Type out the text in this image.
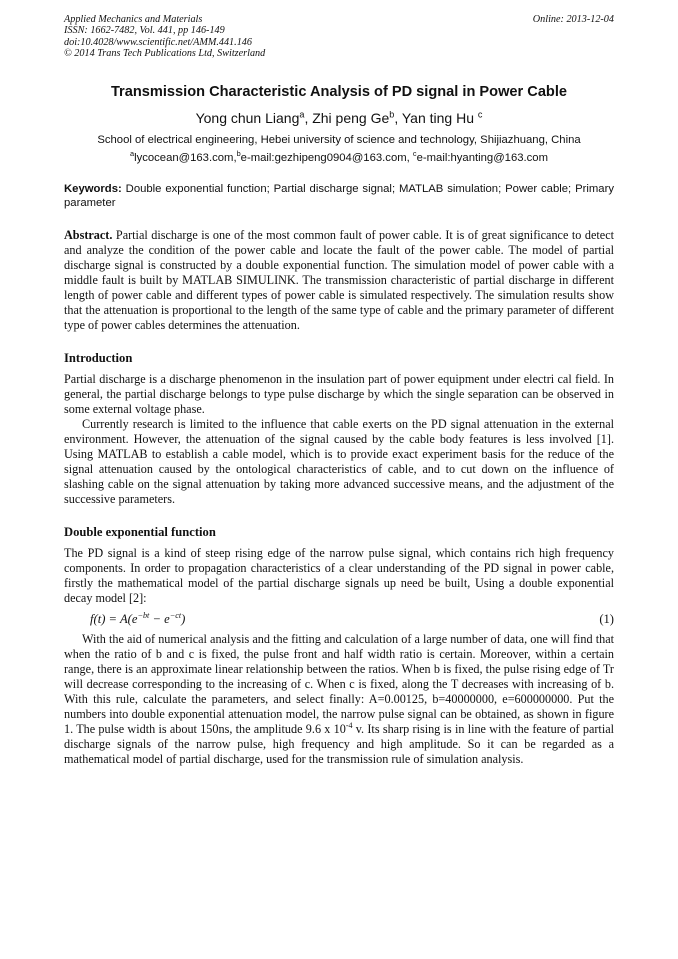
Applied Mechanics and Materials
ISSN: 1662-7482, Vol. 441, pp 146-149
doi:10.4028/www.scientific.net/AMM.441.146
© 2014 Trans Tech Publications Ltd, Switzerland
Online: 2013-12-04
Transmission Characteristic Analysis of PD signal in Power Cable
Yong chun Liang$^a$, Zhi peng Ge$^b$, Yan ting Hu $^c$
School of electrical engineering, Hebei university of science and technology, Shijiazhuang, China
$^a$lycocean@163.com,$^b$e-mail:gezhipeng0904@163.com, $^c$e-mail:hyanting@163.com
Keywords: Double exponential function; Partial discharge signal; MATLAB simulation; Power cable; Primary parameter
Abstract. Partial discharge is one of the most common fault of power cable. It is of great significance to detect and analyze the condition of the power cable and locate the fault of the power cable. The model of partial discharge signal is constructed by a double exponential function. The simulation model of power cable with a middle fault is built by MATLAB SIMULINK. The transmission characteristic of partial discharge in different length of power cable and different types of power cable is simulated respectively. The simulation results show that the attenuation is proportional to the length of the same type of cable and the primary parameter of different type of power cables determines the attenuation.
Introduction
Partial discharge is a discharge phenomenon in the insulation part of power equipment under electri cal field. In general, the partial discharge belongs to type pulse discharge by which the single separation can be observed in some external voltage phase.
Currently research is limited to the influence that cable exerts on the PD signal attenuation in the external environment. However, the attenuation of the signal caused by the cable body features is less involved [1]. Using MATLAB to establish a cable model, which is to provide exact experiment basis for the reduce of the signal attenuation caused by the ontological characteristics of cable, and to cut down on the influence of slashing cable on the signal attenuation by taking more advanced successive means, and the adjustment of the successive parameters.
Double exponential function
The PD signal is a kind of steep rising edge of the narrow pulse signal, which contains rich high frequency components. In order to propagation characteristics of a clear understanding of the PD signal in power cable, firstly the mathematical model of the partial discharge signals up need be built, Using a double exponential decay model [2]:
$f(t) = A(e^{-bt} - e^{-ct})$	(1)
With the aid of numerical analysis and the fitting and calculation of a large number of data, one will find that when the ratio of b and c is fixed, the pulse front and half width ratio is certain. Moreover, within a certain range, there is an approximate linear relationship between the ratios. When b is fixed, the pulse rising edge of Tr will decrease corresponding to the increasing of c. When c is fixed, along the T decreases with increasing of b. With this rule, calculate the parameters, and select finally: A=0.00125, b=40000000, e=600000000. Put the numbers into double exponential attenuation model, the narrow pulse signal can be obtained, as shown in figure 1. The pulse width is about 150ns, the amplitude 9.6 x $10^{-4}$ v. Its sharp rising is in line with the feature of partial discharge signals of the narrow pulse, high frequency and high amplitude. So it can be regarded as a mathematical model of partial discharge, used for the transmission rule of simulation analysis.
